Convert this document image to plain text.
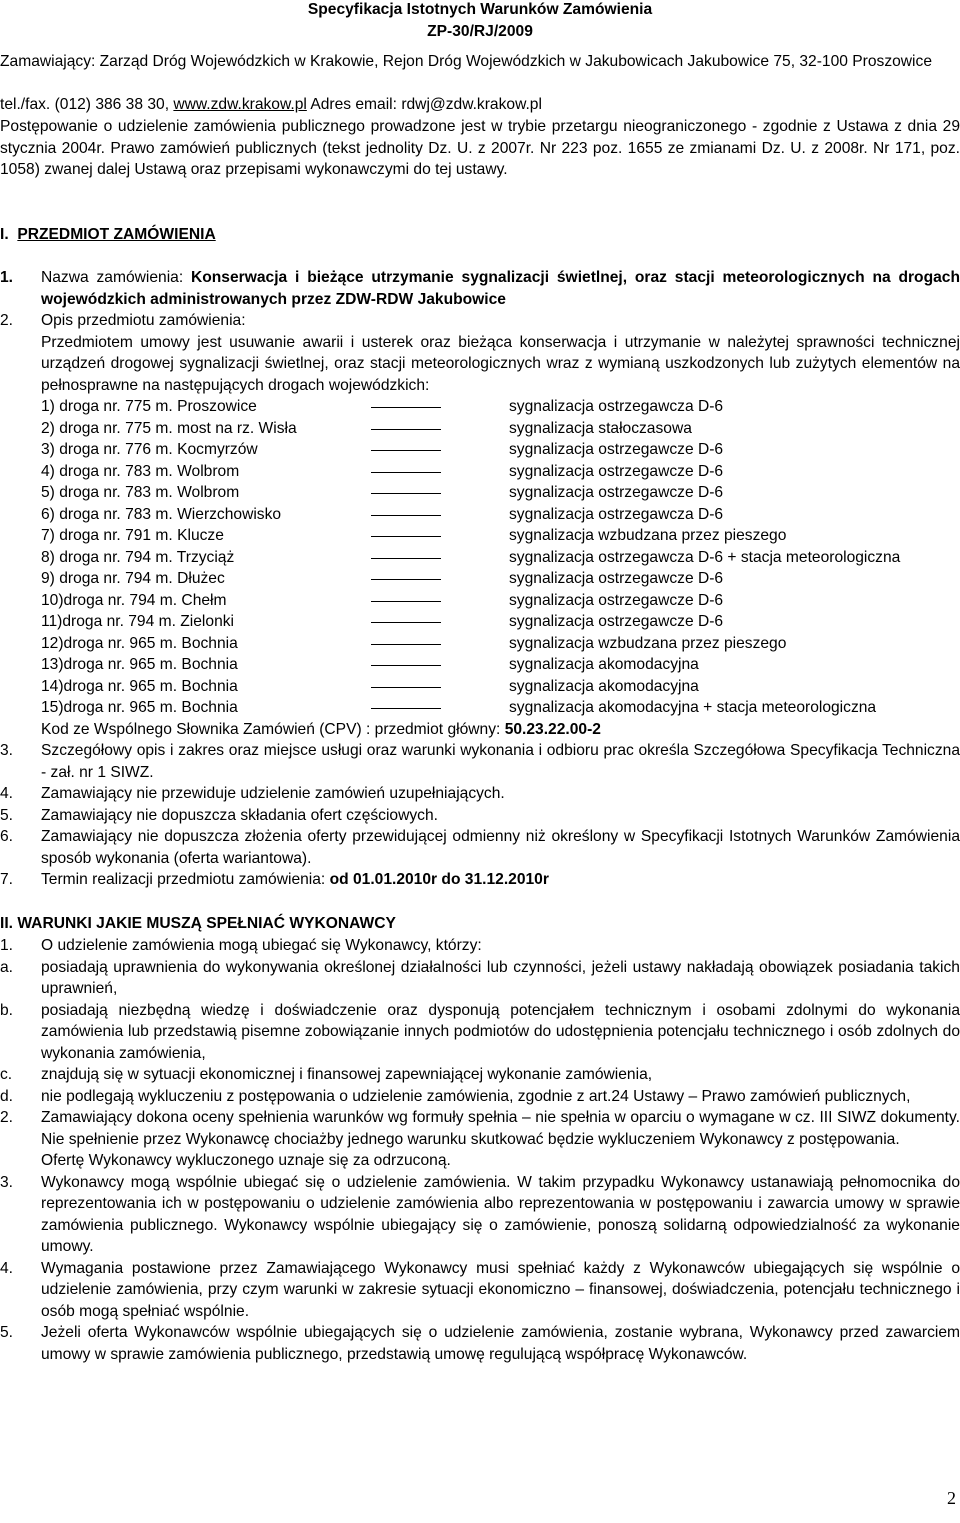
Specyfikacja Istotnych Warunków Zamówienia
ZP-30/RJ/2009
Zamawiający: Zarząd Dróg Wojewódzkich w Krakowie, Rejon Dróg Wojewódzkich w Jakubowicach Jakubowice 75, 32-100 Proszowice
tel./fax. (012) 386 38 30, www.zdw.krakow.pl Adres email: rdwj@zdw.krakow.pl
Postępowanie o udzielenie zamówienia publicznego prowadzone jest w trybie przetargu nieograniczonego - zgodnie z Ustawa z dnia 29 stycznia 2004r. Prawo zamówień publicznych (tekst jednolity Dz. U. z 2007r. Nr 223 poz. 1655 ze zmianami Dz. U. z 2008r. Nr 171, poz. 1058) zwanej dalej Ustawą oraz przepisami wykonawczymi do tej ustawy.
I. PRZEDMIOT ZAMÓWIENIA
1.	Nazwa zamówienia: Konserwacja i bieżące utrzymanie sygnalizacji świetlnej, oraz stacji meteorologicznych na drogach wojewódzkich administrowanych przez ZDW-RDW Jakubowice
2.	Opis przedmiotu zamówienia:
Przedmiotem umowy jest usuwanie awarii i usterek oraz bieżąca konserwacja i utrzymanie w należytej sprawności technicznej urządzeń drogowej sygnalizacji świetlnej, oraz stacji meteorologicznych wraz z wymianą uszkodzonych lub zużytych elementów na pełnosprawne na następujących drogach wojewódzkich:
1) droga nr. 775 m. Proszowice	sygnalizacja ostrzegawcza D-6
2) droga nr. 775 m. most na rz. Wisła	sygnalizacja stałoczasowa
3) droga nr. 776 m. Kocmyrzów	sygnalizacja ostrzegawcze D-6
4) droga nr. 783 m. Wolbrom	sygnalizacja ostrzegawcze D-6
5) droga nr. 783 m. Wolbrom	sygnalizacja ostrzegawcze D-6
6) droga nr. 783 m. Wierzchowisko	sygnalizacja ostrzegawcza D-6
7) droga nr. 791 m. Klucze	sygnalizacja wzbudzana przez pieszego
8) droga nr. 794 m. Trzyciąż	sygnalizacja ostrzegawcza D-6 + stacja meteorologiczna
9) droga nr. 794 m. Dłużec	sygnalizacja ostrzegawcze D-6
10)droga nr. 794 m. Chełm	sygnalizacja ostrzegawcze D-6
11)droga nr. 794 m. Zielonki	sygnalizacja ostrzegawcze D-6
12)droga nr. 965 m. Bochnia	sygnalizacja wzbudzana przez pieszego
13)droga nr. 965 m. Bochnia	sygnalizacja akomodacyjna
14)droga nr. 965 m. Bochnia	sygnalizacja akomodacyjna
15)droga nr. 965 m. Bochnia	sygnalizacja akomodacyjna + stacja meteorologiczna
Kod ze Wspólnego Słownika Zamówień (CPV) : przedmiot główny: 50.23.22.00-2
3.	Szczegółowy opis i zakres oraz miejsce usługi oraz warunki wykonania i odbioru prac określa Szczegółowa Specyfikacja Techniczna - zał. nr 1 SIWZ.
4.	Zamawiający nie przewiduje udzielenie zamówień uzupełniających.
5.	Zamawiający nie dopuszcza składania ofert częściowych.
6.	Zamawiający nie dopuszcza złożenia oferty przewidującej odmienny niż określony w Specyfikacji Istotnych Warunków Zamówienia sposób wykonania (oferta wariantowa).
7.	Termin realizacji przedmiotu zamówienia: od 01.01.2010r do 31.12.2010r
II. WARUNKI JAKIE MUSZĄ SPEŁNIAĆ WYKONAWCY
1.	O udzielenie zamówienia mogą ubiegać się Wykonawcy, którzy:
a.	posiadają uprawnienia do wykonywania określonej działalności lub czynności, jeżeli ustawy nakładają obowiązek posiadania takich uprawnień,
b.	posiadają niezbędną wiedzę i doświadczenie oraz dysponują potencjałem technicznym i osobami zdolnymi do wykonania zamówienia lub przedstawią pisemne zobowiązanie innych podmiotów do udostępnienia potencjału technicznego i osób zdolnych do wykonania zamówienia,
c.	znajdują się w sytuacji ekonomicznej i finansowej zapewniającej wykonanie zamówienia,
d.	nie podlegają wykluczeniu z postępowania o udzielenie zamówienia, zgodnie z art.24 Ustawy – Prawo zamówień publicznych,
2.	Zamawiający dokona oceny spełnienia warunków wg formuły spełnia – nie spełnia w oparciu o wymagane w cz. III SIWZ dokumenty. Nie spełnienie przez Wykonawcę chociażby jednego warunku skutkować będzie wykluczeniem Wykonawcy z postępowania.
Ofertę Wykonawcy wykluczonego uznaje się za odrzuconą.
3.	Wykonawcy mogą wspólnie ubiegać się o udzielenie zamówienia. W takim przypadku Wykonawcy ustanawiają pełnomocnika do reprezentowania ich w postępowaniu o udzielenie zamówienia albo reprezentowania w postępowaniu i zawarcia umowy w sprawie zamówienia publicznego. Wykonawcy wspólnie ubiegający się o zamówienie, ponoszą solidarną odpowiedzialność za wykonanie umowy.
4.	Wymagania postawione przez Zamawiającego Wykonawcy musi spełniać każdy z Wykonawców ubiegających się wspólnie o udzielenie zamówienia, przy czym warunki w zakresie sytuacji ekonomiczno – finansowej, doświadczenia, potencjału technicznego i osób mogą spełniać wspólnie.
5.	Jeżeli oferta Wykonawców wspólnie ubiegających się o udzielenie zamówienia, zostanie wybrana, Wykonawcy przed zawarciem umowy w sprawie zamówienia publicznego, przedstawią umowę regulującą współpracę Wykonawców.
2
